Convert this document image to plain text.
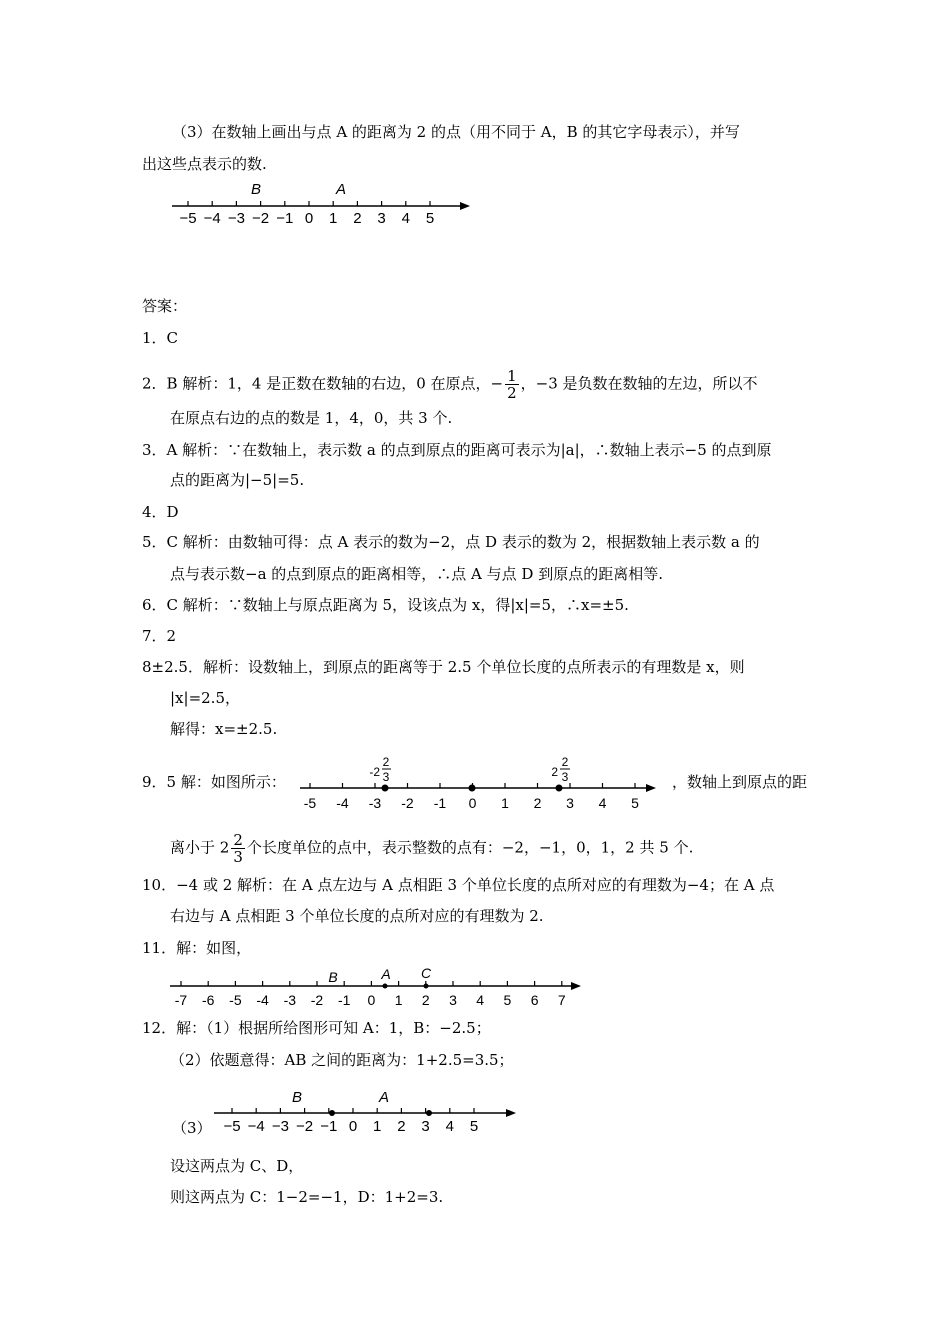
（3）在数轴上画出与点 A 的距离为 2 的点（用不同于 A，B 的其它字母表示），并写
出这些点表示的数.
B	A
−5 −4 −3 −2 −1 0 1 2 3 4 5
答案：
1．C
2．B 解析：1，4 是正数在数轴的右边，0 在原点，− $\frac{1}{2}$ ，−3 是负数在数轴的左边，所以不
在原点右边的点的数是 1，4，0，共 3 个.
3．A 解析：∵在数轴上，表示数 a 的点到原点的距离可表示为|a|，∴数轴上表示−5 的点到原
点的距离为|−5|=5.
4．D
5．C 解析：由数轴可得：点 A 表示的数为−2，点 D 表示的数为 2，根据数轴上表示数 a 的
点与表示数−a 的点到原点的距离相等，∴点 A 与点 D 到原点的距离相等.
6．C 解析：∵数轴上与原点距离为 5，设该点为 x，得|x|=5，∴x=±5.
7．2
8±2.5．解析：设数轴上，到原点的距离等于 2.5 个单位长度的点所表示的有理数是 x，则
|x|=2.5，
解得：x=±2.5.
9．5 解：如图所示：
-2
2
3	2
2
3
-5 -4 -3 -2 -1 0 1 2 3 4 5
，数轴上到原点的距
离小于 $2 \frac{2}{3}$ 个长度单位的点中，表示整数的点有：−2，−1，0，1，2 共 5 个.
10．−4 或 2 解析：在 A 点左边与 A 点相距 3 个单位长度的点所对应的有理数为−4；在 A 点
右边与 A 点相距 3 个单位长度的点所对应的有理数为 2.
11．解：如图，
B	A C
-7 -6 -5 -4 -3 -2 -1 0 1 2 3 4 5 6 7
12．解：（1）根据所给图形可知 A：1，B：−2.5；
（2）依题意得：AB 之间的距离为：1+2.5=3.5；
（3）
B	A
−5 −4 −3 −2 −1 0 1 2 3 4 5
设这两点为 C、D，
则这两点为 C：1−2=−1，D：1+2=3.
